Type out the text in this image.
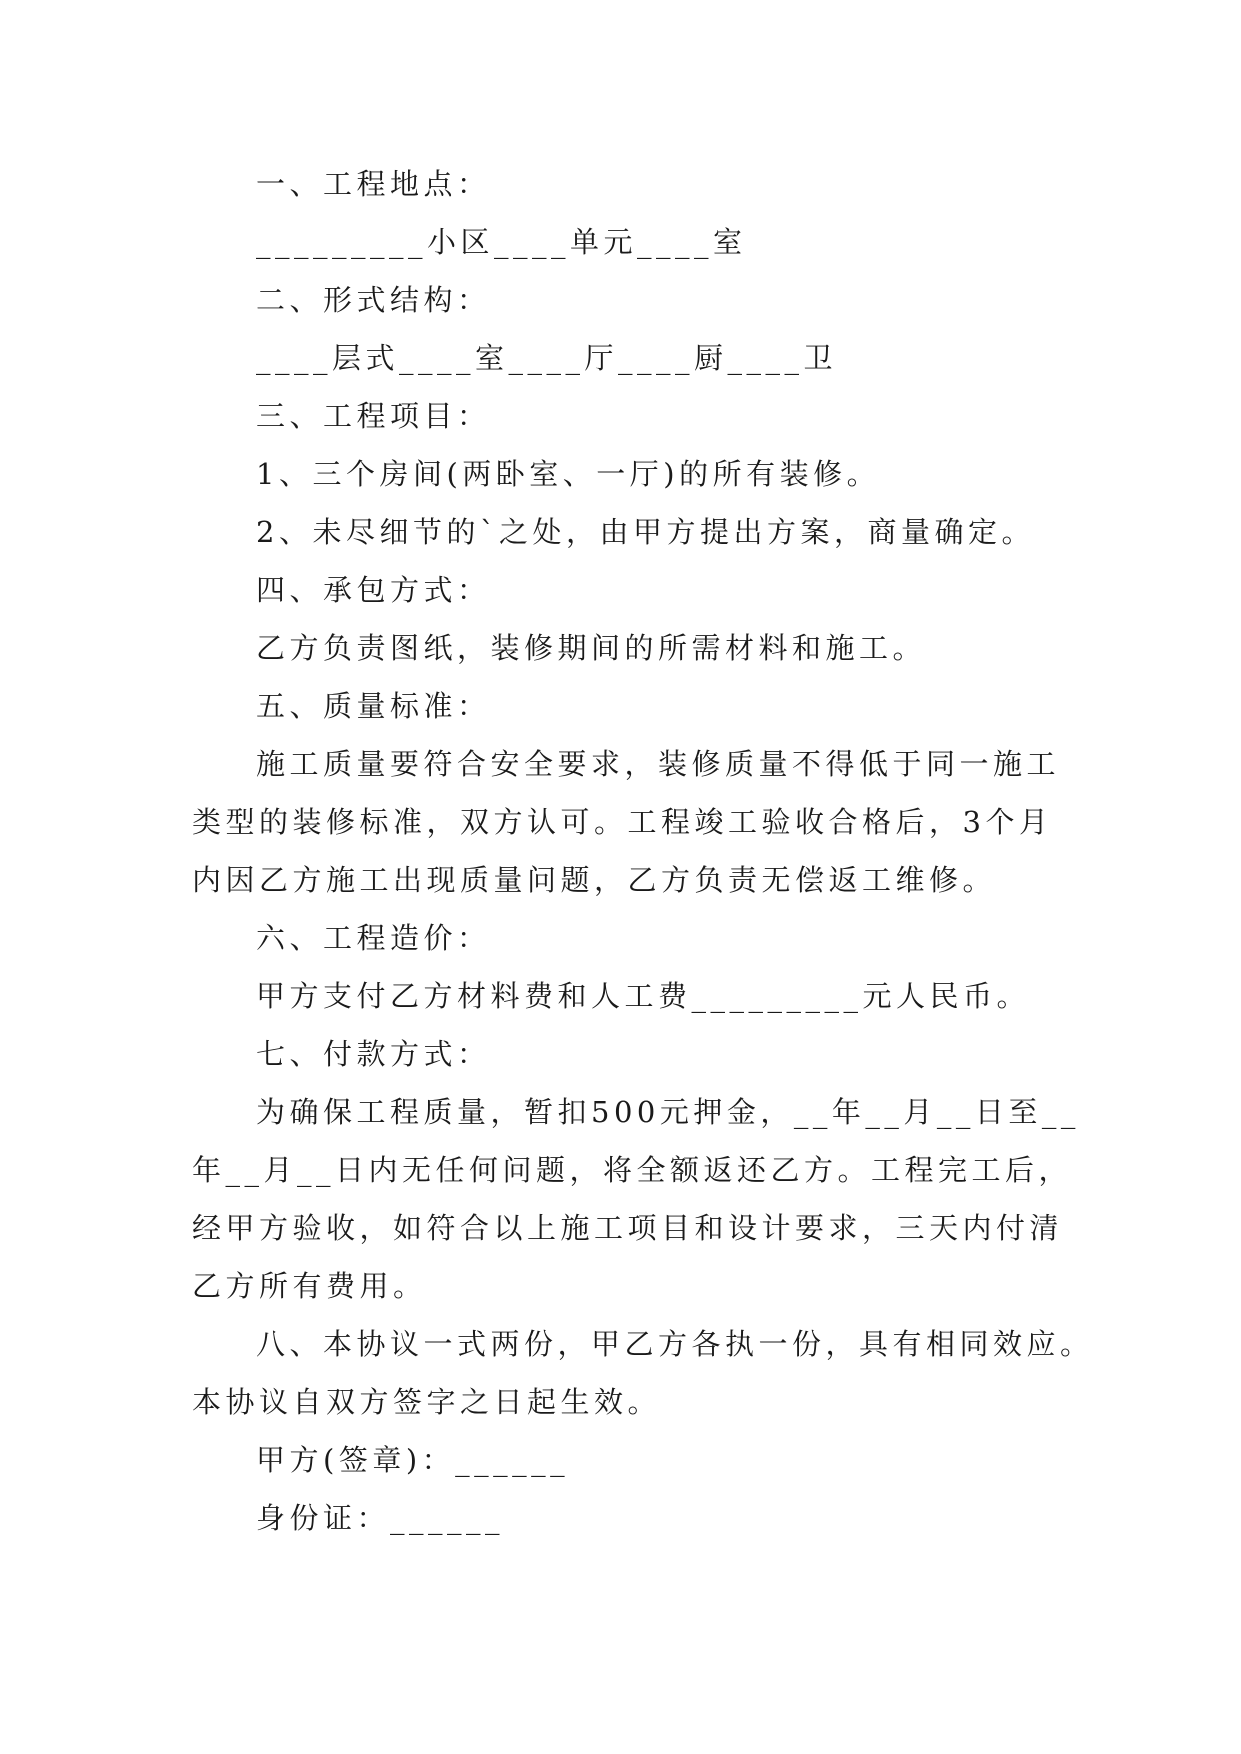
一、工程地点：
_________小区____单元____室
二、形式结构：
____层式____室____厅____厨____卫
三、工程项目：
1、三个房间(两卧室、一厅)的所有装修。
2、未尽细节的`之处，由甲方提出方案，商量确定。
四、承包方式：
乙方负责图纸，装修期间的所需材料和施工。
五、质量标准：
施工质量要符合安全要求，装修质量不得低于同一施工
类型的装修标准，双方认可。工程竣工验收合格后，3个月
内因乙方施工出现质量问题，乙方负责无偿返工维修。
六、工程造价：
甲方支付乙方材料费和人工费_________元人民币。
七、付款方式：
为确保工程质量，暂扣500元押金，__年__月__日至__
年__月__日内无任何问题，将全额返还乙方。工程完工后，
经甲方验收，如符合以上施工项目和设计要求，三天内付清
乙方所有费用。
八、本协议一式两份，甲乙方各执一份，具有相同效应。
本协议自双方签字之日起生效。
甲方(签章)：______
身份证：______
